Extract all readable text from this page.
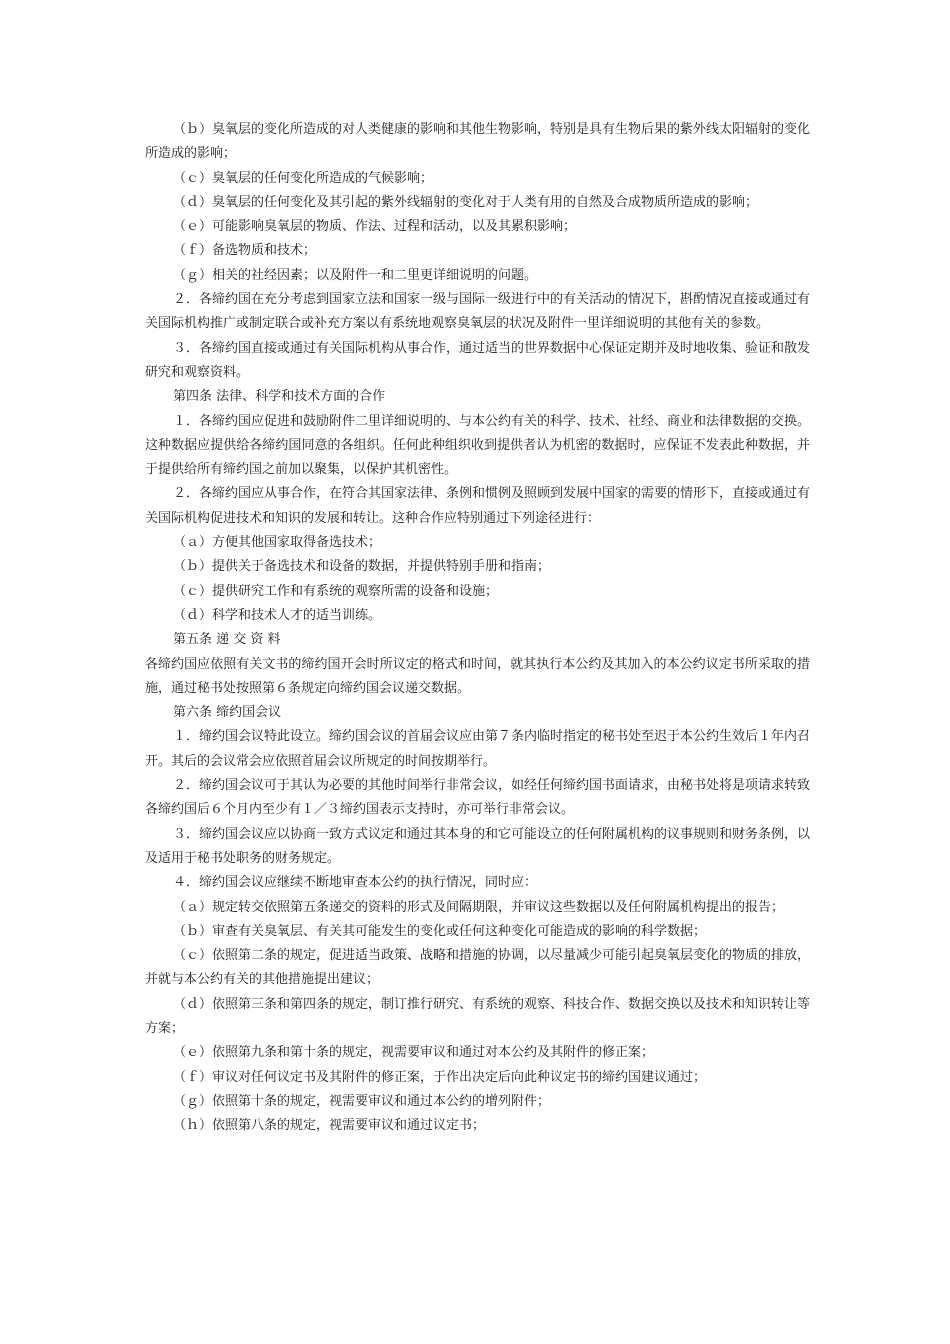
（ｂ）臭氧层的变化所造成的对人类健康的影响和其他生物影响，特别是具有生物后果的紫外线太阳辐射的变化所造成的影响；

（ｃ）臭氧层的任何变化所造成的气候影响；

（ｄ）臭氧层的任何变化及其引起的紫外线辐射的变化对于人类有用的自然及合成物质所造成的影响；

（ｅ）可能影响臭氧层的物质、作法、过程和活动，以及其累积影响；

（ｆ）备选物质和技术；

（ｇ）相关的社经因素；以及附件一和二里更详细说明的问题。

２．各缔约国在充分考虑到国家立法和国家一级与国际一级进行中的有关活动的情况下，斟酌情况直接或通过有关国际机构推广或制定联合或补充方案以有系统地观察臭氧层的状况及附件一里详细说明的其他有关的参数。

３．各缔约国直接或通过有关国际机构从事合作，通过适当的世界数据中心保证定期并及时地收集、验证和散发研究和观察资料。

第四条 法律、科学和技术方面的合作

１．各缔约国应促进和鼓励附件二里详细说明的、与本公约有关的科学、技术、社经、商业和法律数据的交换。这种数据应提供给各缔约国同意的各组织。任何此种组织收到提供者认为机密的数据时，应保证不发表此种数据，并于提供给所有缔约国之前加以聚集，以保护其机密性。

２．各缔约国应从事合作，在符合其国家法律、条例和惯例及照顾到发展中国家的需要的情形下，直接或通过有关国际机构促进技术和知识的发展和转让。这种合作应特别通过下列途径进行：

（ａ）方便其他国家取得备选技术；

（ｂ）提供关于备选技术和设备的数据，并提供特别手册和指南；

（ｃ）提供研究工作和有系统的观察所需的设备和设施；

（ｄ）科学和技术人才的适当训练。

第五条 递 交 资 料

各缔约国应依照有关文书的缔约国开会时所议定的格式和时间，就其执行本公约及其加入的本公约议定书所采取的措施，通过秘书处按照第６条规定向缔约国会议递交数据。

第六条 缔约国会议

１．缔约国会议特此设立。缔约国会议的首届会议应由第７条内临时指定的秘书处至迟于本公约生效后１年内召开。其后的会议常会应依照首届会议所规定的时间按期举行。

２．缔约国会议可于其认为必要的其他时间举行非常会议，如经任何缔约国书面请求，由秘书处将是项请求转致各缔约国后６个月内至少有１／３缔约国表示支持时，亦可举行非常会议。

３．缔约国会议应以协商一致方式议定和通过其本身的和它可能设立的任何附属机构的议事规则和财务条例，以及适用于秘书处职务的财务规定。

４．缔约国会议应继续不断地审查本公约的执行情况，同时应：

（ａ）规定转交依照第五条递交的资料的形式及间隔期限，并审议这些数据以及任何附属机构提出的报告；

（ｂ）审查有关臭氧层、有关其可能发生的变化或任何这种变化可能造成的影响的科学数据；

（ｃ）依照第二条的规定，促进适当政策、战略和措施的协调，以尽量减少可能引起臭氧层变化的物质的排放，并就与本公约有关的其他措施提出建议；

（ｄ）依照第三条和第四条的规定，制订推行研究、有系统的观察、科技合作、数据交换以及技术和知识转让等方案；

（ｅ）依照第九条和第十条的规定，视需要审议和通过对本公约及其附件的修正案；

（ｆ）审议对任何议定书及其附件的修正案，于作出决定后向此种议定书的缔约国建议通过；

（ｇ）依照第十条的规定，视需要审议和通过本公约的增列附件；

（ｈ）依照第八条的规定，视需要审议和通过议定书；
